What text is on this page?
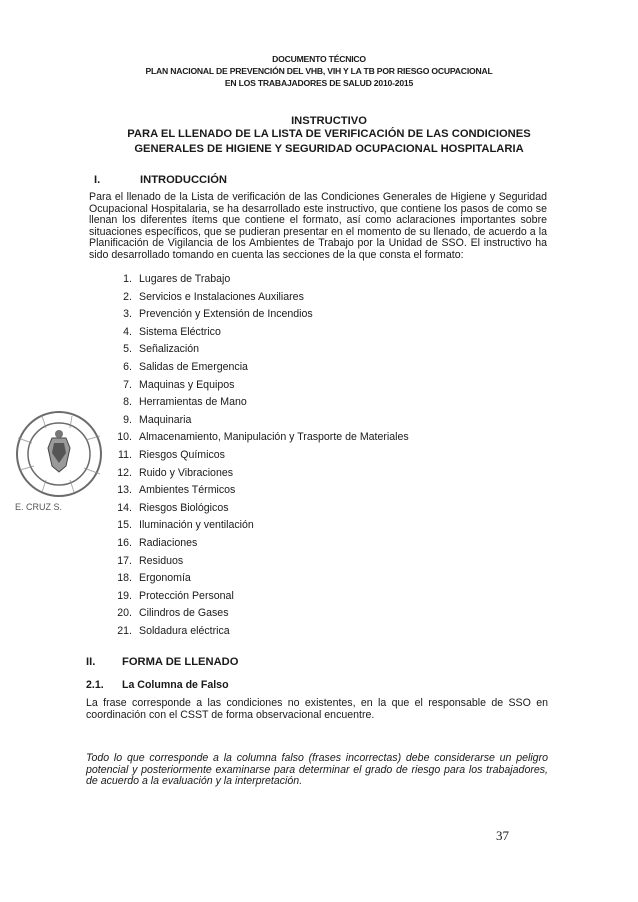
DOCUMENTO TÉCNICO
PLAN NACIONAL DE PREVENCIÓN DEL VHB, VIH Y LA TB POR RIESGO OCUPACIONAL
EN LOS TRABAJADORES DE SALUD 2010-2015
INSTRUCTIVO
PARA EL LLENADO DE LA LISTA DE VERIFICACIÓN DE LAS CONDICIONES
GENERALES DE HIGIENE Y SEGURIDAD OCUPACIONAL HOSPITALARIA
I.	INTRODUCCIÓN
Para el llenado de la Lista de verificación de las Condiciones Generales de Higiene y Seguridad Ocupacional Hospitalaria, se ha desarrollado este instructivo, que contiene los pasos de como se llenan los diferentes ítems que contiene el formato, así como aclaraciones importantes sobre situaciones específicos, que se pudieran presentar en el momento de su llenado, de acuerdo a la Planificación de Vigilancia de los Ambientes de Trabajo por la Unidad de SSO. El instructivo ha sido desarrollado tomando en cuenta las secciones de la que consta el formato:
1. Lugares de Trabajo
2. Servicios e Instalaciones Auxiliares
3. Prevención y Extensión de Incendios
4. Sistema Eléctrico
5. Señalización
6. Salidas de Emergencia
7. Maquinas y Equipos
8. Herramientas de Mano
9. Maquinaria
10. Almacenamiento, Manipulación y Trasporte de Materiales
11. Riesgos Químicos
12. Ruido y Vibraciones
13. Ambientes Térmicos
14. Riesgos Biológicos
15. Iluminación y ventilación
16. Radiaciones
17. Residuos
18. Ergonomía
19. Protección Personal
20. Cilindros de Gases
21. Soldadura eléctrica
E. CRUZ S.
II. FORMA DE LLENADO
2.1. La Columna de Falso
La frase corresponde a las condiciones no existentes, en la que el responsable de SSO en coordinación con el CSST de forma observacional encuentre.
Todo lo que corresponde a la columna falso (frases incorrectas) debe considerarse un peligro potencial y posteriormente examinarse para determinar el grado de riesgo para los trabajadores, de acuerdo a la evaluación y la interpretación.
37
